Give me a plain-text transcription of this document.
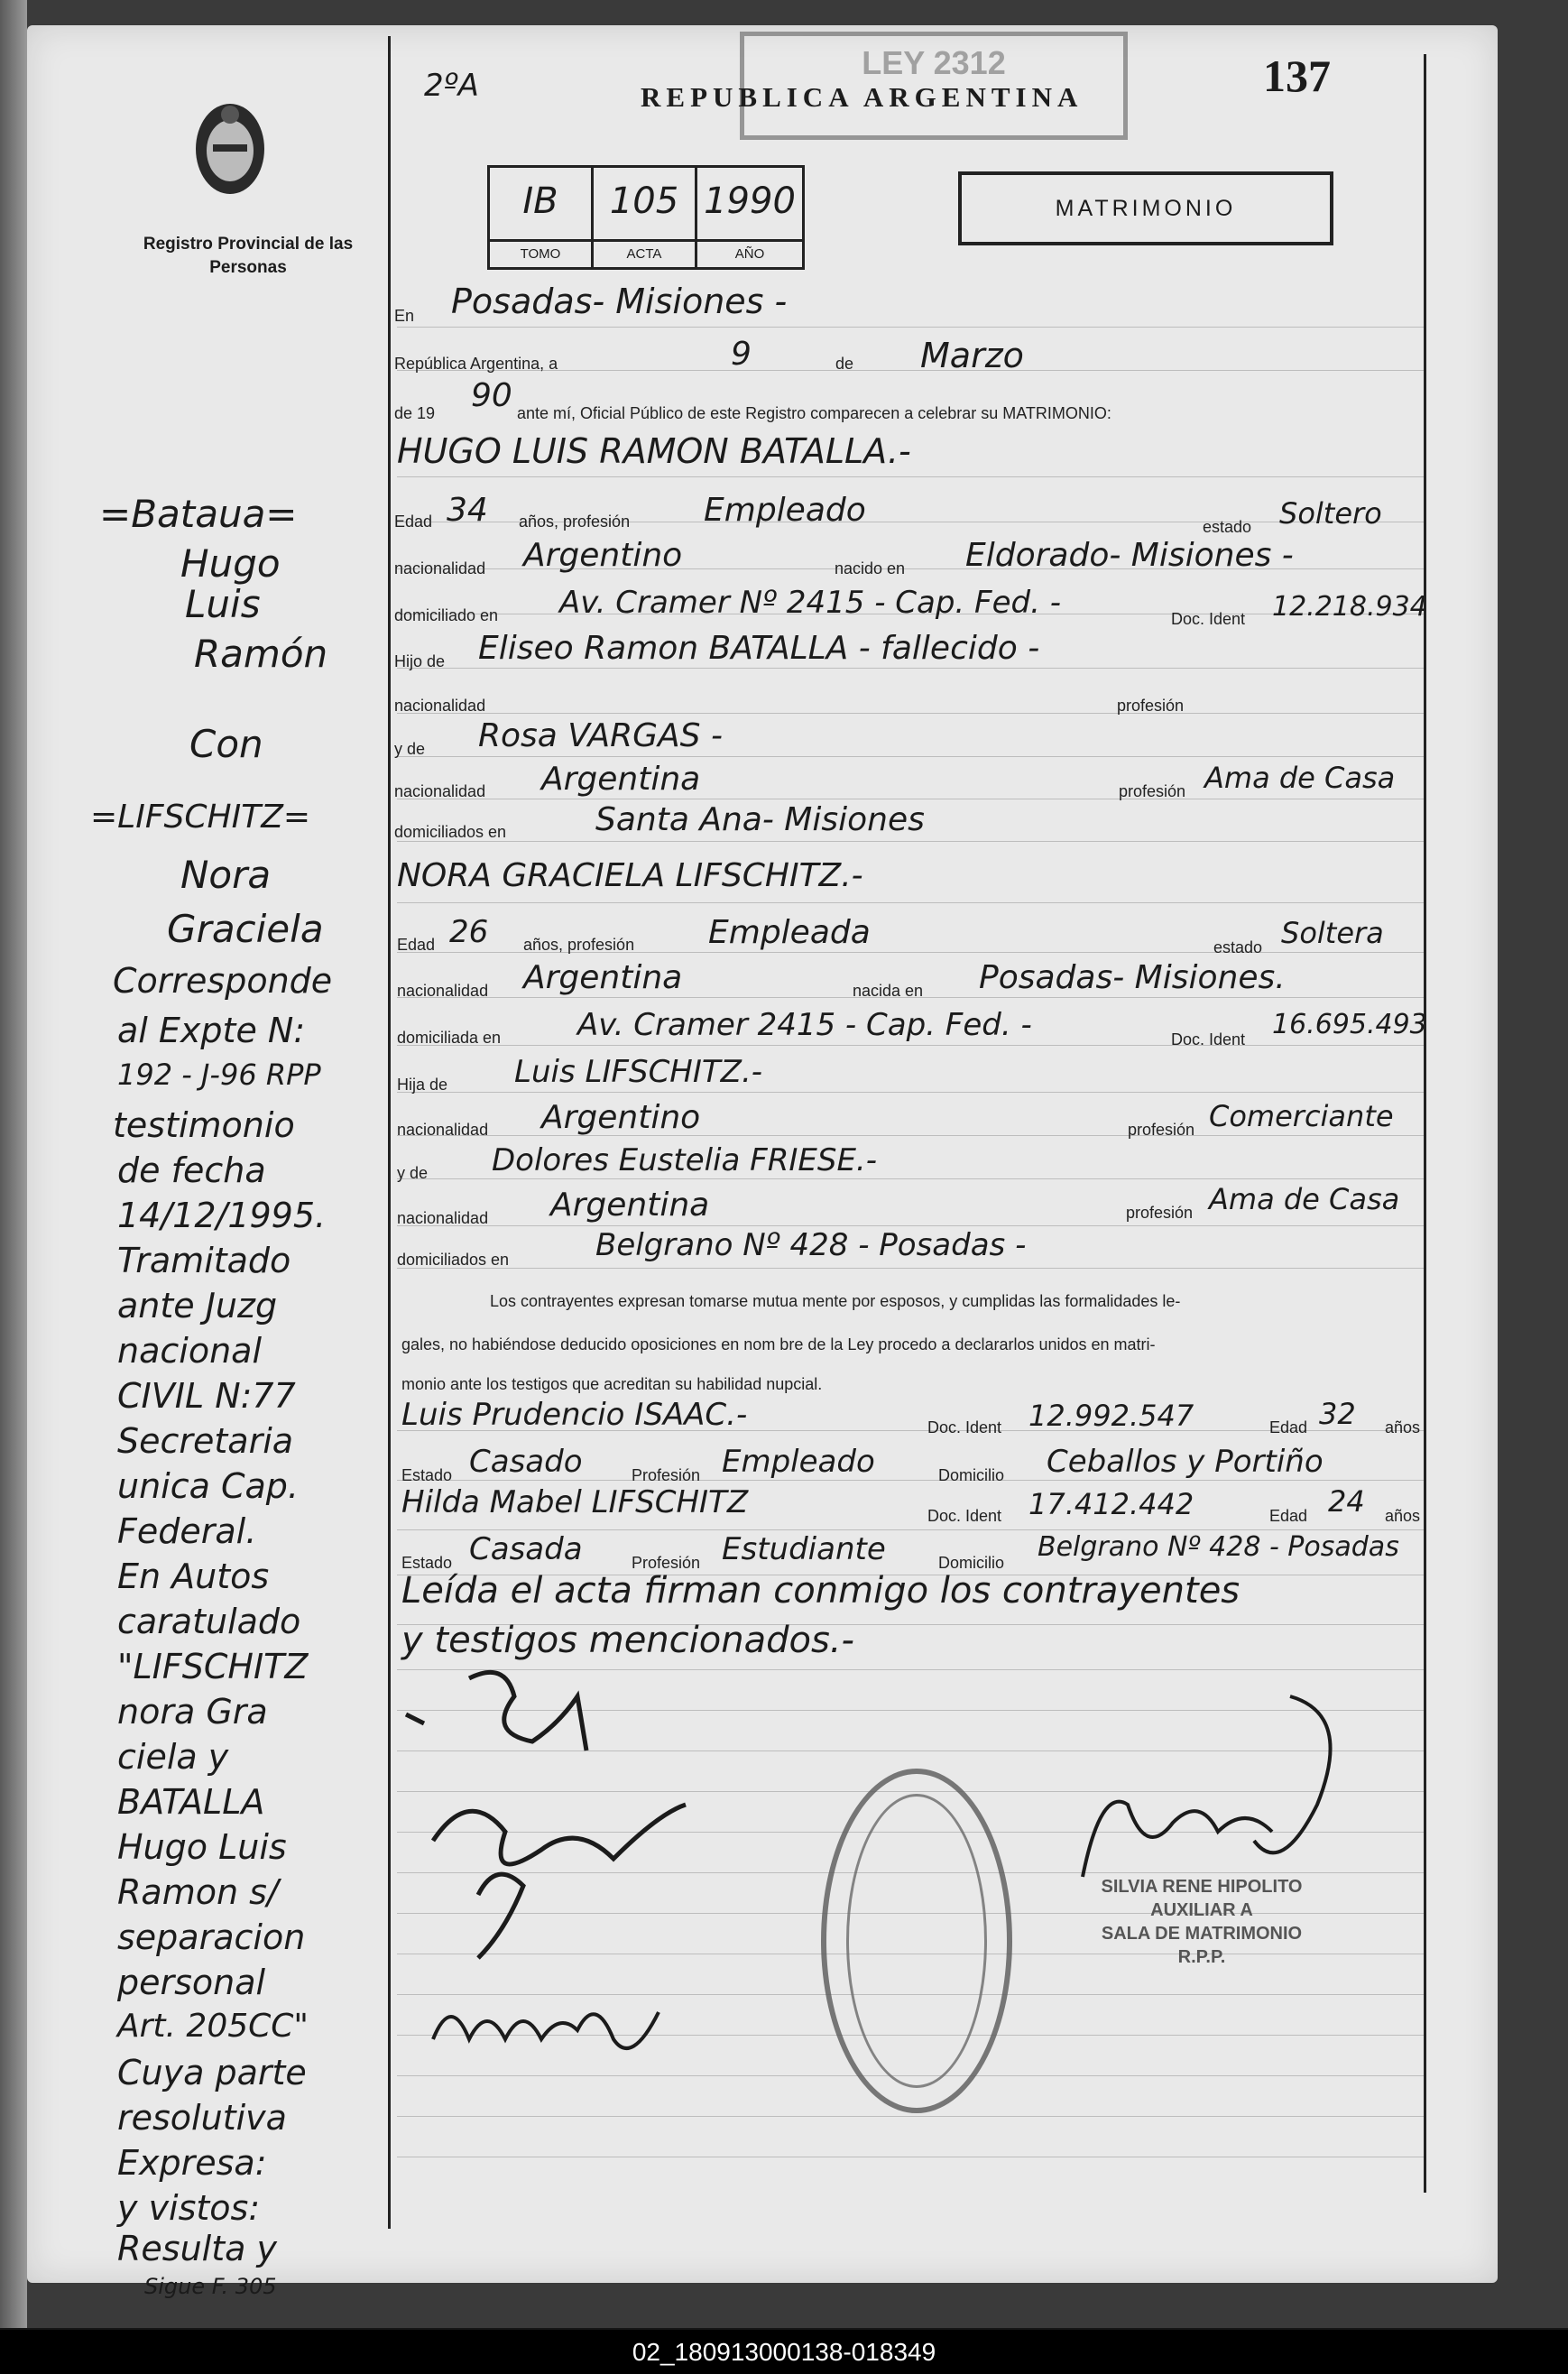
Registro Provincial de las Personas
2ºA
LEY 2312
REPUBLICA ARGENTINA	137
IB
TOMO
105
ACTA
1990
AÑO
MATRIMONIO
=Bataua=
Hugo
Luis
Ramón
Con
=LIFSCHITZ=
Nora
Graciela
Corresponde
al Expte N:
192 - J-96 RPP
testimonio
de fecha
14/12/1995.
Tramitado
ante Juzg
nacional
CIVIL N:77
Secretaria
unica Cap.
Federal.
En Autos
caratulado
"LIFSCHITZ
nora Gra
ciela y
BATALLA
Hugo Luis
Ramon s/
separacion
personal
Art. 205CC"
Cuya parte
resolutiva
Expresa:
y vistos:
Resulta y
Sigue F. 305
En Posadas- Misiones -
República Argentina, a	9	de Marzo
de 19 90 ante mí, Oficial Público de este Registro comparecen a celebrar su MATRIMONIO:
HUGO LUIS RAMON BATALLA.-
Edad 34 años, profesión Empleado	estado Soltero
nacionalidad Argentino	nacido en Eldorado- Misiones -
domiciliado en Av. Cramer Nº 2415 - Cap. Fed. -	Doc. Ident 12.218.934
Hijo de Eliseo Ramon BATALLA - fallecido -
nacionalidad	profesión
y de Rosa VARGAS -
nacionalidad Argentina	profesión Ama de Casa
domiciliados en	Santa Ana- Misiones
NORA GRACIELA LIFSCHITZ.-
Edad 26 años, profesión Empleada	estado Soltera
nacionalidad Argentina	nacida en Posadas- Misiones.
domiciliada en Av. Cramer 2415 - Cap. Fed. -	Doc. Ident 16.695.493
Hija de Luis LIFSCHITZ.-
nacionalidad Argentino	profesión Comerciante
y de Dolores Eustelia FRIESE.-
nacionalidad Argentina	profesión Ama de Casa
domiciliados en	Belgrano Nº 428 - Posadas -
Los contrayentes expresan tomarse mutua mente por esposos, y cumplidas las formalidades le-
gales, no habiéndose deducido oposiciones en nom bre de la Ley procedo a declararlos unidos en matri-
monio ante los testigos que acreditan su habilidad nupcial.
Luis Prudencio ISAAC.-	Doc. Ident 12.992.547	Edad 32 años
Estado Casado	Profesión Empleado	Domicilio Ceballos y Portiño
Hilda Mabel LIFSCHITZ	Doc. Ident 17.412.442	Edad 24 años
Estado Casada	Profesión Estudiante	Domicilio Belgrano Nº 428 - Posadas
Leída el acta firman conmigo los contrayentes
y testigos mencionados.-
SILVIA RENE HIPOLITO
AUXILIAR A
SALA DE MATRIMONIO
R.P.P.
02_180913000138-018349
